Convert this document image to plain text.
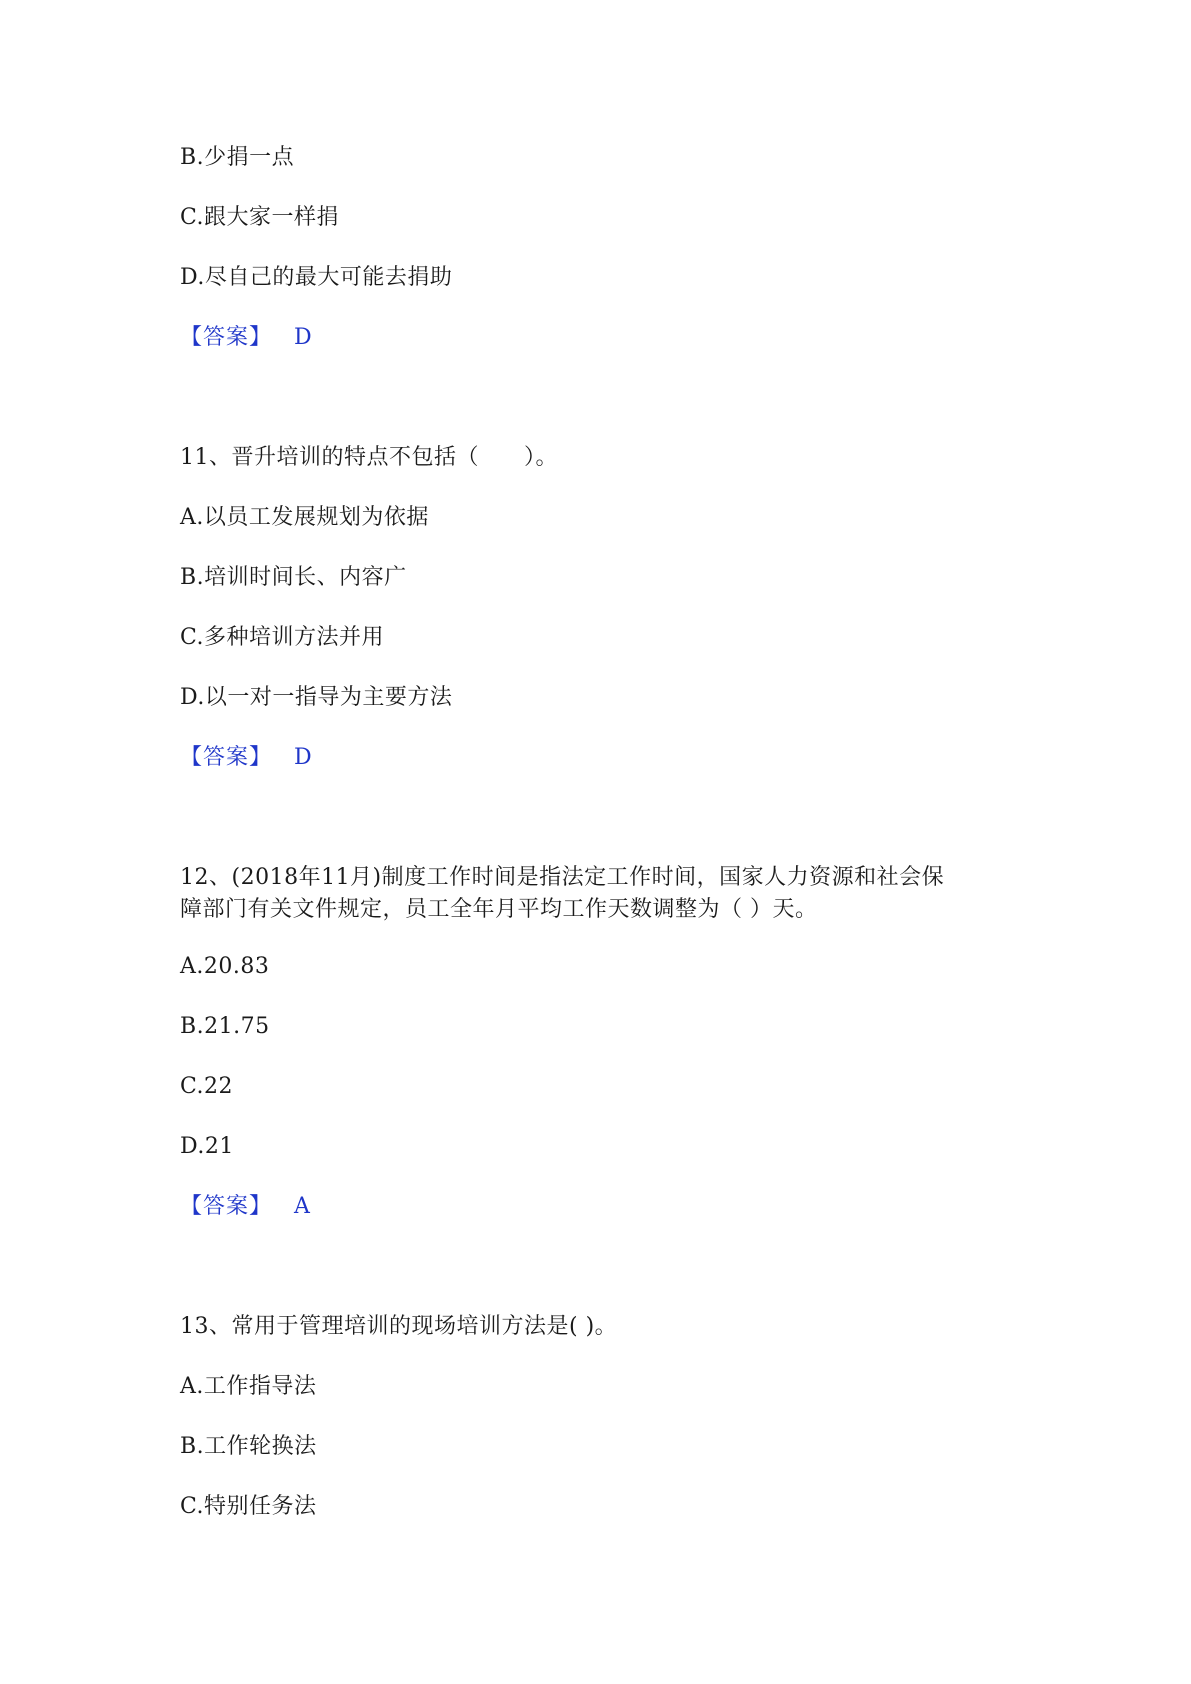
B.少捐一点
C.跟大家一样捐
D.尽自己的最大可能去捐助
【答案】 D
11、晋升培训的特点不包括（　　）。
A.以员工发展规划为依据
B.培训时间长、内容广
C.多种培训方法并用
D.以一对一指导为主要方法
【答案】 D
12、(2018年11月)制度工作时间是指法定工作时间，国家人力资源和社会保
障部门有关文件规定，员工全年月平均工作天数调整为（ ）天。
A.20.83
B.21.75
C.22
D.21
【答案】 A
13、常用于管理培训的现场培训方法是( )。
A.工作指导法
B.工作轮换法
C.特别任务法
